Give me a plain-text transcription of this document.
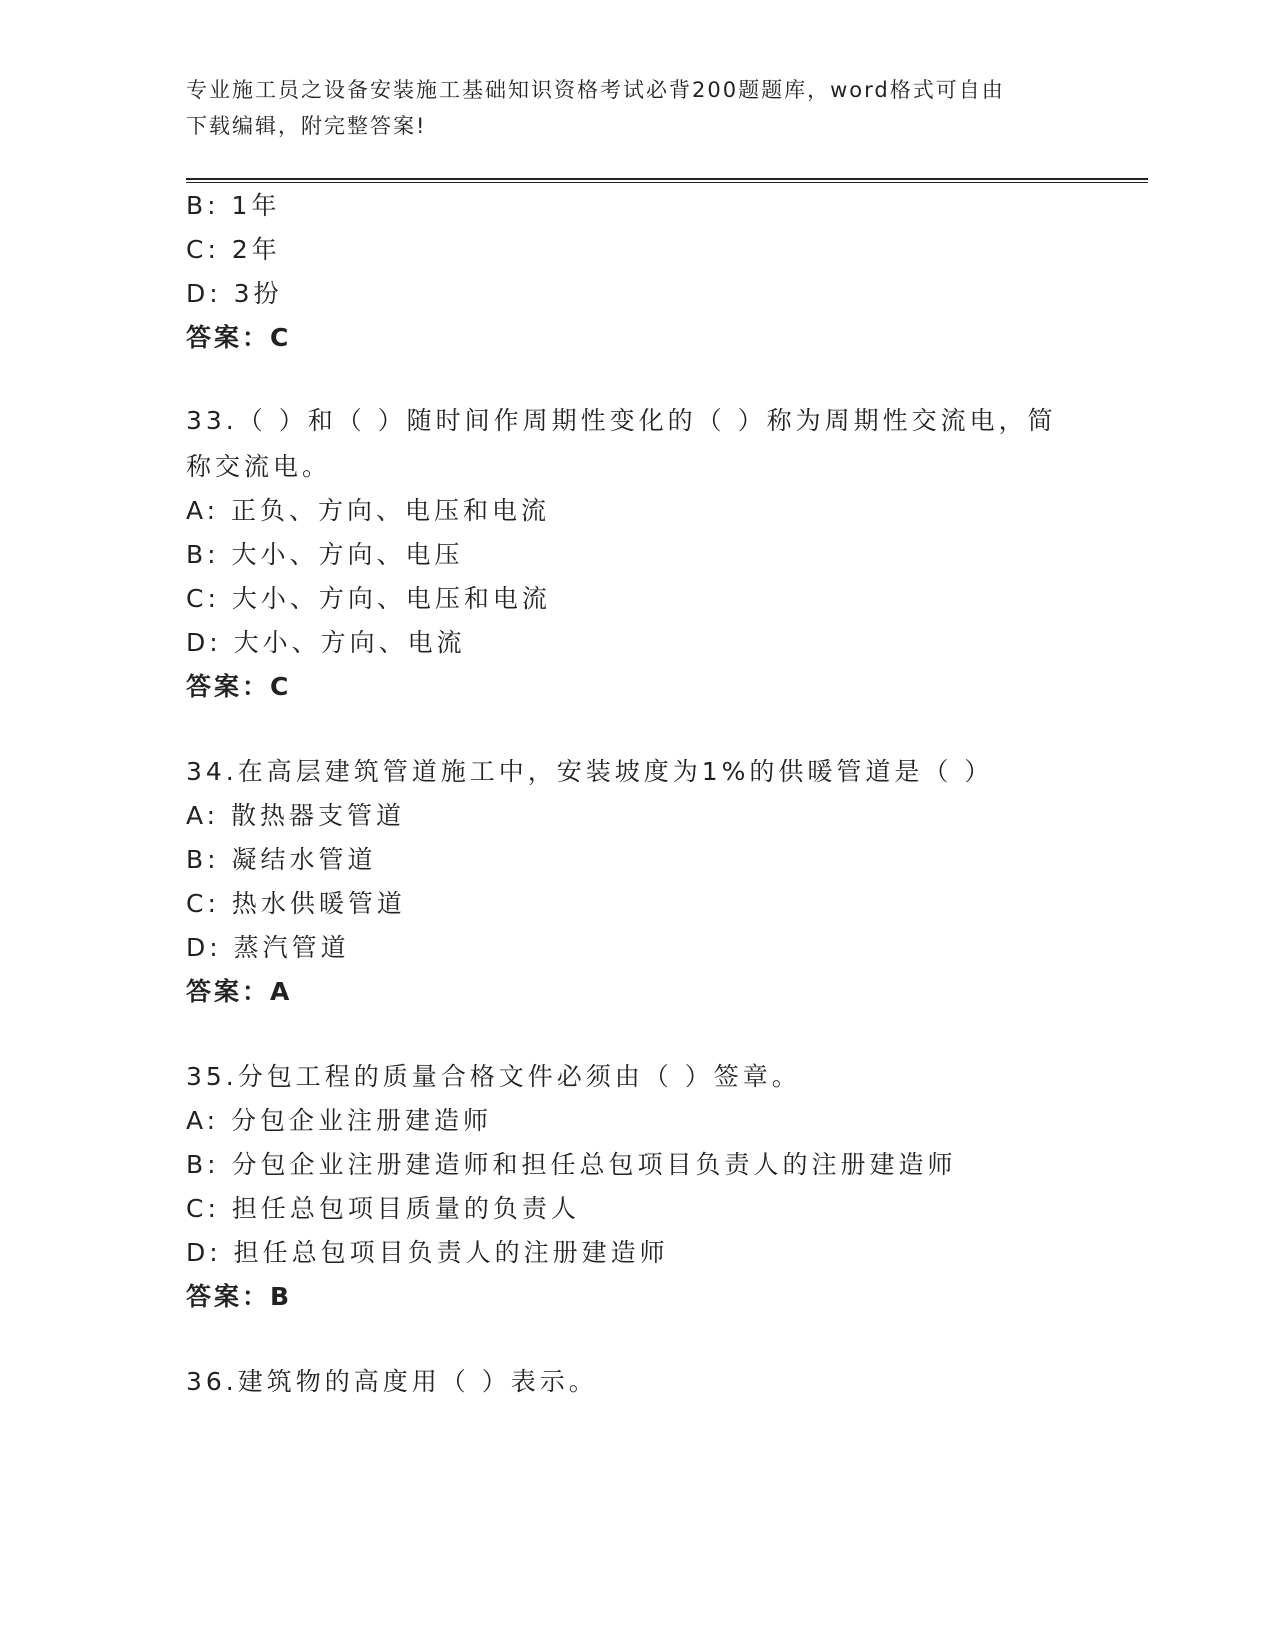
专业施工员之设备安装施工基础知识资格考试必背200题题库，word格式可自由
下载编辑，附完整答案!
B: 1年
C: 2年
D: 3扮
答案：C
33.（ ）和（ ）随时间作周期性变化的（ ）称为周期性交流电，简称交流电。
A: 正负、方向、电压和电流
B: 大小、方向、电压
C: 大小、方向、电压和电流
D: 大小、方向、电流
答案：C
34.在高层建筑管道施工中，安装坡度为1%的供暖管道是（ ）
A: 散热器支管道
B: 凝结水管道
C: 热水供暖管道
D: 蒸汽管道
答案：A
35.分包工程的质量合格文件必须由（ ）签章。
A: 分包企业注册建造师
B: 分包企业注册建造师和担任总包项目负责人的注册建造师
C: 担任总包项目质量的负责人
D: 担任总包项目负责人的注册建造师
答案：B
36.建筑物的高度用（ ）表示。
